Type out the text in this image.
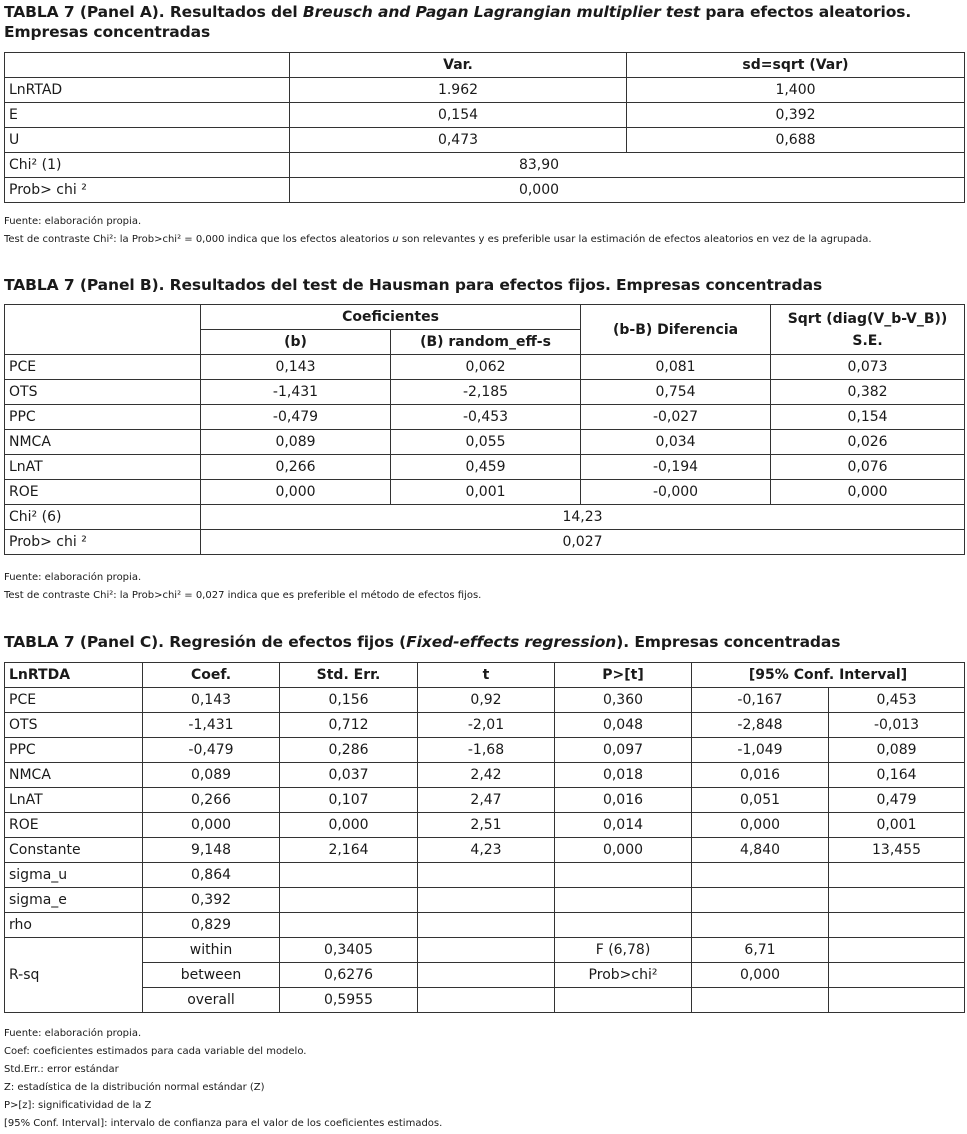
TABLA 7 (Panel A). Resultados del Breusch and Pagan Lagrangian multiplier test para efectos aleatorios. Empresas concentradas
	Var.	sd=sqrt (Var)
LnRTAD	1.962	1,400
E	0,154	0,392
U	0,473	0,688
Chi² (1)	83,90	
Prob> chi ²	0,000	
Fuente: elaboración propia.
Test de contraste Chi²: la Prob>chi² = 0,000 indica que los efectos aleatorios u son relevantes y es preferible usar la estimación de efectos aleatorios en vez de la agrupada.
TABLA 7 (Panel B). Resultados del test de Hausman para efectos fijos. Empresas concentradas
	Coeficientes		(b-B) Diferencia	Sqrt (diag(V_b-V_B)) S.E.
	(b)	(B) random_eff-s		
PCE	0,143	0,062	0,081	0,073
OTS	-1,431	-2,185	0,754	0,382
PPC	-0,479	-0,453	-0,027	0,154
NMCA	0,089	0,055	0,034	0,026
LnAT	0,266	0,459	-0,194	0,076
ROE	0,000	0,001	-0,000	0,000
Chi² (6)	14,23			
Prob> chi ²	0,027			
Fuente: elaboración propia.
Test de contraste Chi²: la Prob>chi² = 0,027 indica que es preferible el método de efectos fijos.
TABLA 7 (Panel C). Regresión de efectos fijos (Fixed-effects regression). Empresas concentradas
LnRTDA	Coef.	Std. Err.	t	P>[t]	[95% Conf. Interval]	
PCE	0,143	0,156	0,92	0,360	-0,167	0,453
OTS	-1,431	0,712	-2,01	0,048	-2,848	-0,013
PPC	-0,479	0,286	-1,68	0,097	-1,049	0,089
NMCA	0,089	0,037	2,42	0,018	0,016	0,164
LnAT	0,266	0,107	2,47	0,016	0,051	0,479
ROE	0,000	0,000	2,51	0,014	0,000	0,001
Constante	9,148	2,164	4,23	0,000	4,840	13,455
sigma_u	0,864					
sigma_e	0,392					
rho	0,829					
R-sq	within	0,3405		F (6,78)	6,71	
	between	0,6276		Prob>chi²	0,000	
	overall	0,5955				
Fuente: elaboración propia.
Coef: coeficientes estimados para cada variable del modelo.
Std.Err.: error estándar
Z: estadística de la distribución normal estándar (Z)
P>[z]: significatividad de la Z
[95% Conf. Interval]: intervalo de confianza para el valor de los coeficientes estimados.
